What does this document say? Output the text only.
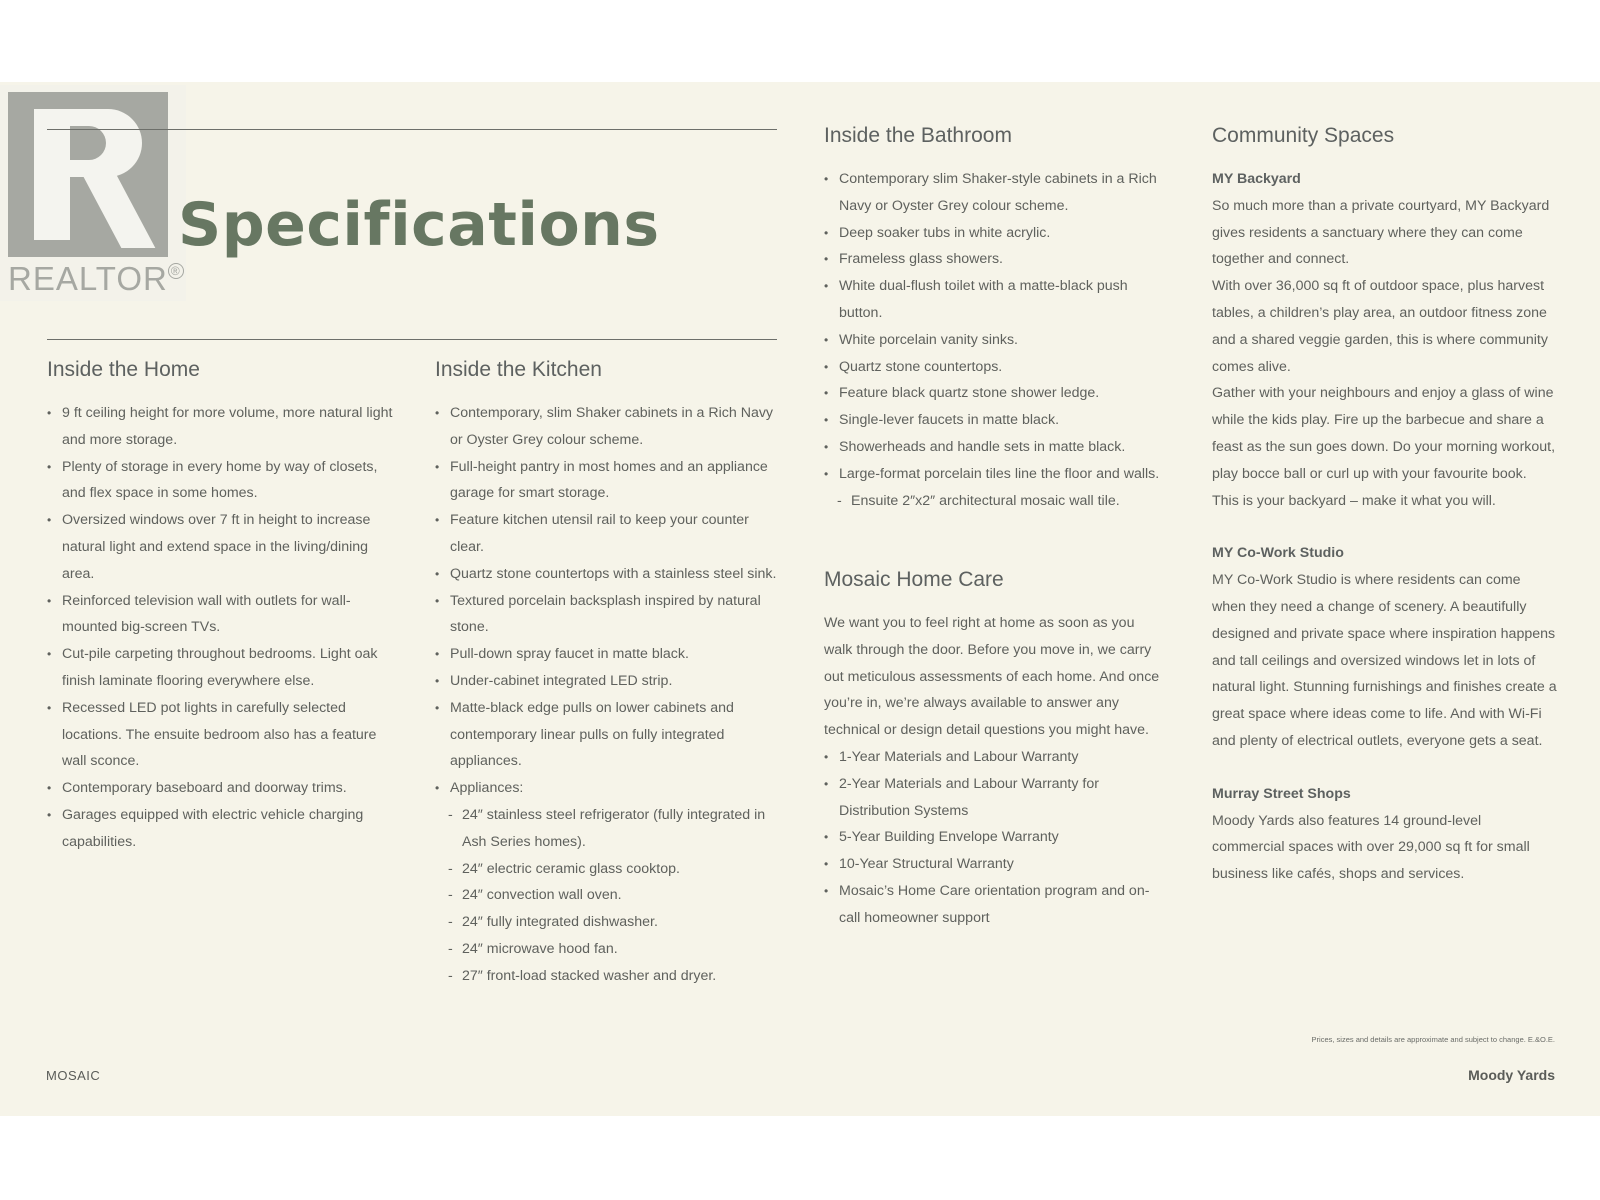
REALTOR ®
Specifications
Inside the Home
• 9 ft ceiling height for more volume, more natural light and more storage.
• Plenty of storage in every home by way of closets, and flex space in some homes.
• Oversized windows over 7 ft in height to increase natural light and extend space in the living/dining area.
• Reinforced television wall with outlets for wall-mounted big-screen TVs.
• Cut-pile carpeting throughout bedrooms. Light oak finish laminate flooring everywhere else.
• Recessed LED pot lights in carefully selected locations. The ensuite bedroom also has a feature wall sconce.
• Contemporary baseboard and doorway trims.
• Garages equipped with electric vehicle charging capabilities.
Inside the Kitchen
• Contemporary, slim Shaker cabinets in a Rich Navy or Oyster Grey colour scheme.
• Full-height pantry in most homes and an appliance garage for smart storage.
• Feature kitchen utensil rail to keep your counter clear.
• Quartz stone countertops with a stainless steel sink.
• Textured porcelain backsplash inspired by natural stone.
• Pull-down spray faucet in matte black.
• Under-cabinet integrated LED strip.
• Matte-black edge pulls on lower cabinets and contemporary linear pulls on fully integrated appliances.
• Appliances:
- 24″ stainless steel refrigerator (fully integrated in Ash Series homes).
- 24″ electric ceramic glass cooktop.
- 24″ convection wall oven.
- 24″ fully integrated dishwasher.
- 24″ microwave hood fan.
- 27″ front-load stacked washer and dryer.
Inside the Bathroom
• Contemporary slim Shaker-style cabinets in a Rich Navy or Oyster Grey colour scheme.
• Deep soaker tubs in white acrylic.
• Frameless glass showers.
• White dual-flush toilet with a matte-black push button.
• White porcelain vanity sinks.
• Quartz stone countertops.
• Feature black quartz stone shower ledge.
• Single-lever faucets in matte black.
• Showerheads and handle sets in matte black.
• Large-format porcelain tiles line the floor and walls.
- Ensuite 2″x2″ architectural mosaic wall tile.
Mosaic Home Care

We want you to feel right at home as soon as you walk through the door. Before you move in, we carry out meticulous assessments of each home. And once you’re in, we’re always available to answer any technical or design detail questions you might have.

• 1-Year Materials and Labour Warranty
• 2-Year Materials and Labour Warranty for Distribution Systems
• 5-Year Building Envelope Warranty
• 10-Year Structural Warranty
• Mosaic’s Home Care orientation program and on-call homeowner support
Community Spaces
MY Backyard

So much more than a private courtyard, MY Backyard gives residents a sanctuary where they can come together and connect.

With over 36,000 sq ft of outdoor space, plus harvest tables, a children’s play area, an outdoor fitness zone and a shared veggie garden, this is where community comes alive.

Gather with your neighbours and enjoy a glass of wine while the kids play. Fire up the barbecue and share a feast as the sun goes down. Do your morning workout, play bocce ball or curl up with your favourite book. This is your backyard – make it what you will.

MY Co-Work Studio

MY Co-Work Studio is where residents can come when they need a change of scenery. A beautifully designed and private space where inspiration happens and tall ceilings and oversized windows let in lots of natural light. Stunning furnishings and finishes create a great space where ideas come to life. And with Wi-Fi and plenty of electrical outlets, everyone gets a seat.

Murray Street Shops

Moody Yards also features 14 ground-level commercial spaces with over 29,000 sq ft for small business like cafés, shops and services.

Prices, sizes and details are approximate and subject to change. E.&O.E.
MOSAIC	Moody Yards
